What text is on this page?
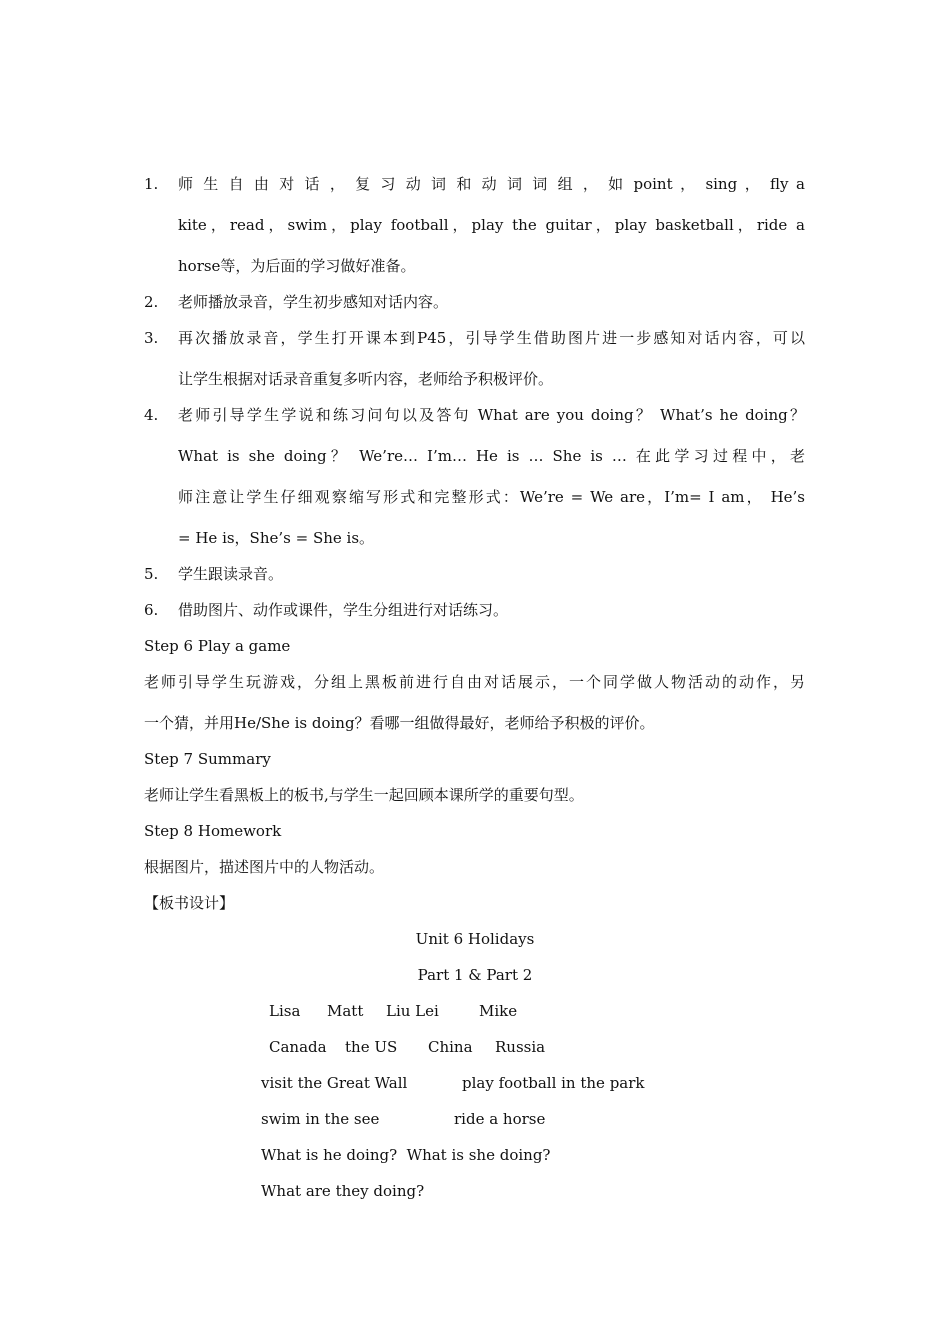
1. 师 生 自 由 对 话 ， 复 习 动 词 和 动 词 词 组 ， 如 point ， sing ， fly a
kite，read，swim，play football，play the guitar，play basketball，ride a
horse等，为后面的学习做好准备。
2. 老师播放录音，学生初步感知对话内容。
3. 再次播放录音，学生打开课本到P45，引导学生借助图片进一步感知对话内容，可以
让学生根据对话录音重复多听内容，老师给予积极评价。
4. 老师引导学生学说和练习问句以及答句 What are you doing？ What’s he doing？
What is she doing？ We’re… I’m… He is … She is … 在此学习过程中，老
师注意让学生仔细观察缩写形式和完整形式：We’re = We are，I’m= I am， He’s
= He is，She’s = She is。
5. 学生跟读录音。
6. 借助图片、动作或课件，学生分组进行对话练习。
Step 6 Play a game
老师引导学生玩游戏，分组上黑板前进行自由对话展示，一个同学做人物活动的动作，另
一个猜，并用He/She is doing？看哪一组做得最好，老师给予积极的评价。
Step 7 Summary
老师让学生看黑板上的板书,与学生一起回顾本课所学的重要句型。
Step 8 Homework
根据图片，描述图片中的人物活动。
【板书设计】
Unit 6 Holidays
Part 1 & Part 2
Lisa Matt Liu Lei	Mike
Canada the US China Russia
visit the Great Wall	play football in the park
swim in the see	ride a horse
What is he doing?  What is she doing?
What are they doing?
